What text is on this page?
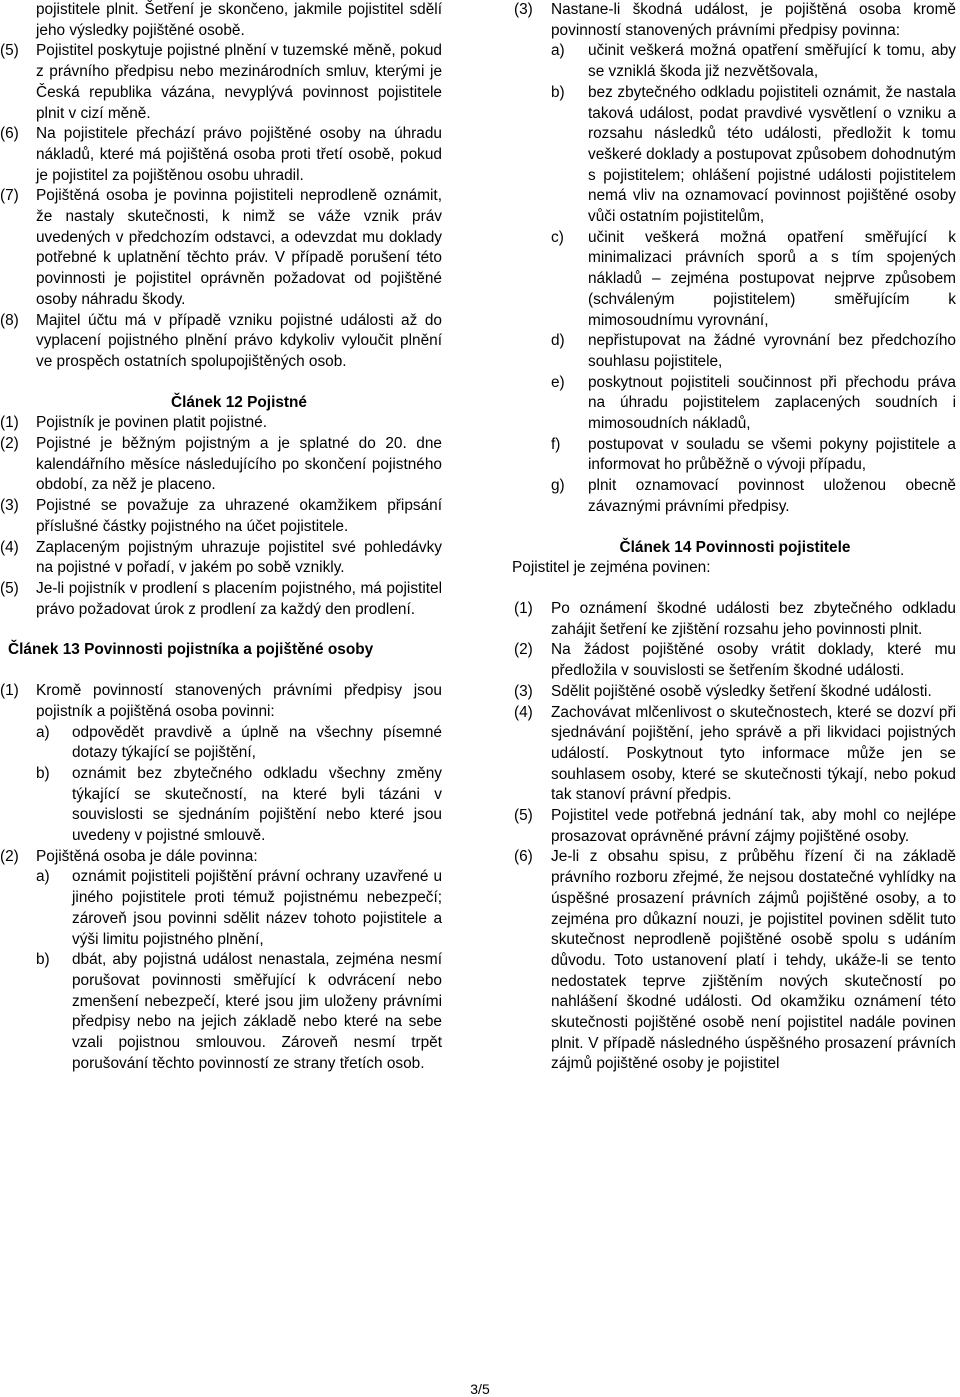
pojistitele plnit. Šetření je skončeno, jakmile pojistitel sdělí jeho výsledky pojištěné osobě.

(5)	Pojistitel poskytuje pojistné plnění v tuzemské měně, pokud z právního předpisu nebo mezinárodních smluv, kterými je Česká republika vázána, nevyplývá povinnost pojistitele plnit v cizí měně.
(6)	Na pojistitele přechází právo pojištěné osoby na úhradu nákladů, které má pojištěná osoba proti třetí osobě, pokud je pojistitel za pojištěnou osobu uhradil.
(7)	Pojištěná osoba je povinna pojistiteli neprodleně oznámit, že nastaly skutečnosti, k nimž se váže vznik práv uvedených v předchozím odstavci, a odevzdat mu doklady potřebné k uplatnění těchto práv. V případě porušení této povinnosti je pojistitel oprávněn požadovat od pojištěné osoby náhradu škody.
(8)	Majitel účtu má v případě vzniku pojistné události až do vyplacení pojistného plnění právo kdykoliv vyloučit plnění ve prospěch ostatních spolupojištěných osob.

Článek 12 Pojistné

(1)	Pojistník je povinen platit pojistné.
(2)	Pojistné je běžným pojistným a je splatné do 20. dne kalendářního měsíce následujícího po skončení pojistného období, za něž je placeno.
(3)	Pojistné se považuje za uhrazené okamžikem připsání příslušné částky pojistného na účet pojistitele.
(4)	Zaplaceným pojistným uhrazuje pojistitel své pohledávky na pojistné v pořadí, v jakém po sobě vznikly.
(5)	Je-li pojistník v prodlení s placením pojistného, má pojistitel právo požadovat úrok z prodlení za každý den prodlení.

Článek 13 Povinnosti pojistníka a pojištěné osoby

(1)	Kromě povinností stanovených právními předpisy jsou pojistník a pojištěná osoba povinni:
a)	odpovědět pravdivě a úplně na všechny písemné dotazy týkající se pojištění,
b)	oznámit bez zbytečného odkladu všechny změny týkající se skutečností, na které byli tázáni v souvislosti se sjednáním pojištění nebo které jsou uvedeny v pojistné smlouvě.
(2)	Pojištěná osoba je dále povinna:
a)	oznámit pojistiteli pojištění právní ochrany uzavřené u jiného pojistitele proti témuž pojistnému nebezpečí; zároveň jsou povinni sdělit název tohoto pojistitele a výši limitu pojistného plnění,
b)	dbát, aby pojistná událost nenastala, zejména nesmí porušovat povinnosti směřující k odvrácení nebo zmenšení nebezpečí, které jsou jim uloženy právními předpisy nebo na jejich základě nebo které na sebe vzali pojistnou smlouvou. Zároveň nesmí trpět porušování těchto povinností ze strany třetích osob.
(3)	Nastane-li škodná událost, je pojištěná osoba kromě povinností stanovených právními předpisy povinna:
a)	učinit veškerá možná opatření směřující k tomu, aby se vzniklá škoda již nezvětšovala,
b)	bez zbytečného odkladu pojistiteli oznámit, že nastala taková událost, podat pravdivé vysvětlení o vzniku a rozsahu následků této události, předložit k tomu veškeré doklady a postupovat způsobem dohodnutým s pojistitelem; ohlášení pojistné události pojistitelem nemá vliv na oznamovací povinnost pojištěné osoby vůči ostatním pojistitelům,
c)	učinit veškerá možná opatření směřující k minimalizaci právních sporů a s tím spojených nákladů – zejména postupovat nejprve způsobem (schváleným pojistitelem) směřujícím k mimosoudnímu vyrovnání,
d)	nepřistupovat na žádné vyrovnání bez předchozího souhlasu pojistitele,
e)	poskytnout pojistiteli součinnost při přechodu práva na úhradu pojistitelem zaplacených soudních i mimosoudních nákladů,
f)	postupovat v souladu se všemi pokyny pojistitele a informovat ho průběžně o vývoji případu,
g)	plnit oznamovací povinnost uloženou obecně závaznými právními předpisy.

Článek 14 Povinnosti pojistitele

Pojistitel je zejména povinen:

(1)	Po oznámení škodné události bez zbytečného odkladu zahájit šetření ke zjištění rozsahu jeho povinnosti plnit.
(2)	Na žádost pojištěné osoby vrátit doklady, které mu předložila v souvislosti se šetřením škodné události.
(3)	Sdělit pojištěné osobě výsledky šetření škodné události.
(4)	Zachovávat mlčenlivost o skutečnostech, které se dozví při sjednávání pojištění, jeho správě a při likvidaci pojistných událostí. Poskytnout tyto informace může jen se souhlasem osoby, které se skutečnosti týkají, nebo pokud tak stanoví právní předpis.
(5)	Pojistitel vede potřebná jednání tak, aby mohl co nejlépe prosazovat oprávněné právní zájmy pojištěné osoby.
(6)	Je-li z obsahu spisu, z průběhu řízení či na základě právního rozboru zřejmé, že nejsou dostatečné vyhlídky na úspěšné prosazení právních zájmů pojištěné osoby, a to zejména pro důkazní nouzi, je pojistitel povinen sdělit tuto skutečnost neprodleně pojištěné osobě spolu s udáním důvodu. Toto ustanovení platí i tehdy, ukáže-li se tento nedostatek teprve zjištěním nových skutečností po nahlášení škodné události. Od okamžiku oznámení této skutečnosti pojištěné osobě není pojistitel nadále povinen plnit. V případě následného úspěšného prosazení právních zájmů pojištěné osoby je pojistitel
3/5
